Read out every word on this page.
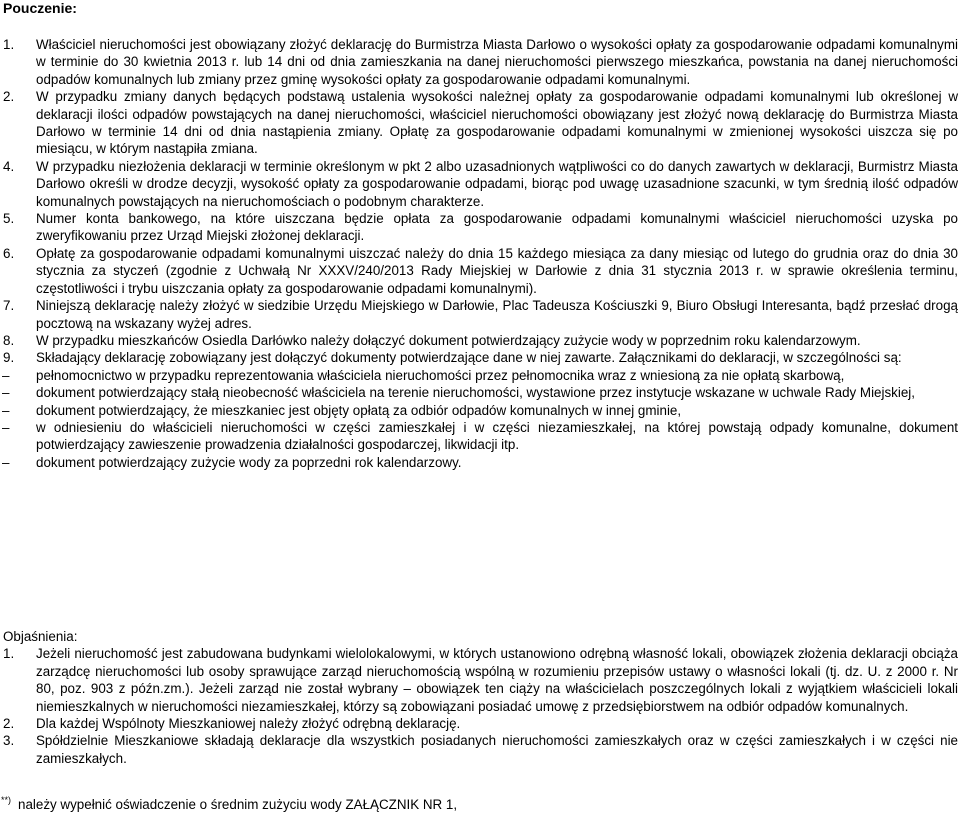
Pouczenie:
1. Właściciel nieruchomości jest obowiązany złożyć deklarację do Burmistrza Miasta Darłowo o wysokości opłaty za gospodarowanie odpadami komunalnymi w terminie do 30 kwietnia 2013 r. lub 14 dni od dnia zamieszkania na danej nieruchomości pierwszego mieszkańca, powstania na danej nieruchomości odpadów komunalnych lub zmiany przez gminę wysokości opłaty za gospodarowanie odpadami komunalnymi.
2. W przypadku zmiany danych będących podstawą ustalenia wysokości należnej opłaty za gospodarowanie odpadami komunalnymi lub określonej w deklaracji ilości odpadów powstających na danej nieruchomości, właściciel nieruchomości obowiązany jest złożyć nową deklarację do Burmistrza Miasta Darłowo w terminie 14 dni od dnia nastąpienia zmiany. Opłatę za gospodarowanie odpadami komunalnymi w zmienionej wysokości uiszcza się po miesiącu, w którym nastąpiła zmiana.
4. W przypadku niezłożenia deklaracji w terminie określonym w pkt 2 albo uzasadnionych wątpliwości co do danych zawartych w deklaracji, Burmistrz Miasta Darłowo określi w drodze decyzji, wysokość opłaty za gospodarowanie odpadami, biorąc pod uwagę uzasadnione szacunki, w tym średnią ilość odpadów komunalnych powstających na nieruchomościach o podobnym charakterze.
5. Numer konta bankowego, na które uiszczana będzie opłata za gospodarowanie odpadami komunalnymi właściciel nieruchomości uzyska po zweryfikowaniu przez Urząd Miejski złożonej deklaracji.
6. Opłatę za gospodarowanie odpadami komunalnymi uiszczać należy do dnia 15 każdego miesiąca za dany miesiąc od lutego do grudnia oraz do dnia 30 stycznia za styczeń (zgodnie z Uchwałą Nr XXXV/240/2013 Rady Miejskiej w Darłowie z dnia 31 stycznia 2013 r. w sprawie określenia terminu, częstotliwości i trybu uiszczania opłaty za gospodarowanie odpadami komunalnymi).
7. Niniejszą deklarację należy złożyć w siedzibie Urzędu Miejskiego w Darłowie, Plac Tadeusza Kościuszki 9, Biuro Obsługi Interesanta, bądź przesłać drogą pocztową na wskazany wyżej adres.
8. W przypadku mieszkańców Osiedla Darłówko należy dołączyć dokument potwierdzający zużycie wody w poprzednim roku kalendarzowym.
9. Składający deklarację zobowiązany jest dołączyć dokumenty potwierdzające dane w niej zawarte. Załącznikami do deklaracji, w szczególności są:
– pełnomocnictwo w przypadku reprezentowania właściciela nieruchomości przez pełnomocnika wraz z wniesioną za nie opłatą skarbową,
– dokument potwierdzający stałą nieobecność właściciela na terenie nieruchomości, wystawione przez instytucje wskazane w uchwale Rady Miejskiej,
– dokument potwierdzający, że mieszkaniec jest objęty opłatą za odbiór odpadów komunalnych w innej gminie,
– w odniesieniu do właścicieli nieruchomości w części zamieszkałej i w części niezamieszkałej, na której powstają odpady komunalne, dokument potwierdzający zawieszenie prowadzenia działalności gospodarczej, likwidacji itp.
– dokument potwierdzający zużycie wody za poprzedni rok kalendarzowy.
Objaśnienia:
1. Jeżeli nieruchomość jest zabudowana budynkami wielolokalowymi, w których ustanowiono odrębną własność lokali, obowiązek złożenia deklaracji obciąża zarządcę nieruchomości lub osoby sprawujące zarząd nieruchomością wspólną w rozumieniu przepisów ustawy o własności lokali (tj. dz. U. z 2000 r. Nr 80, poz. 903 z późn.zm.). Jeżeli zarząd nie został wybrany – obowiązek ten ciąży na właścicielach poszczególnych lokali z wyjątkiem właścicieli lokali niemieszkalnych w nieruchomości niezamieszkałej, którzy są zobowiązani posiadać umowę z przedsiębiorstwem na odbiór odpadów komunalnych.
2. Dla każdej Wspólnoty Mieszkaniowej należy złożyć odrębną deklarację.
3. Spółdzielnie Mieszkaniowe składają deklaracje dla wszystkich posiadanych nieruchomości zamieszkałych oraz w części zamieszkałych i w części nie zamieszkałych.
**) należy wypełnić oświadczenie o średnim zużyciu wody ZAŁĄCZNIK NR 1,
